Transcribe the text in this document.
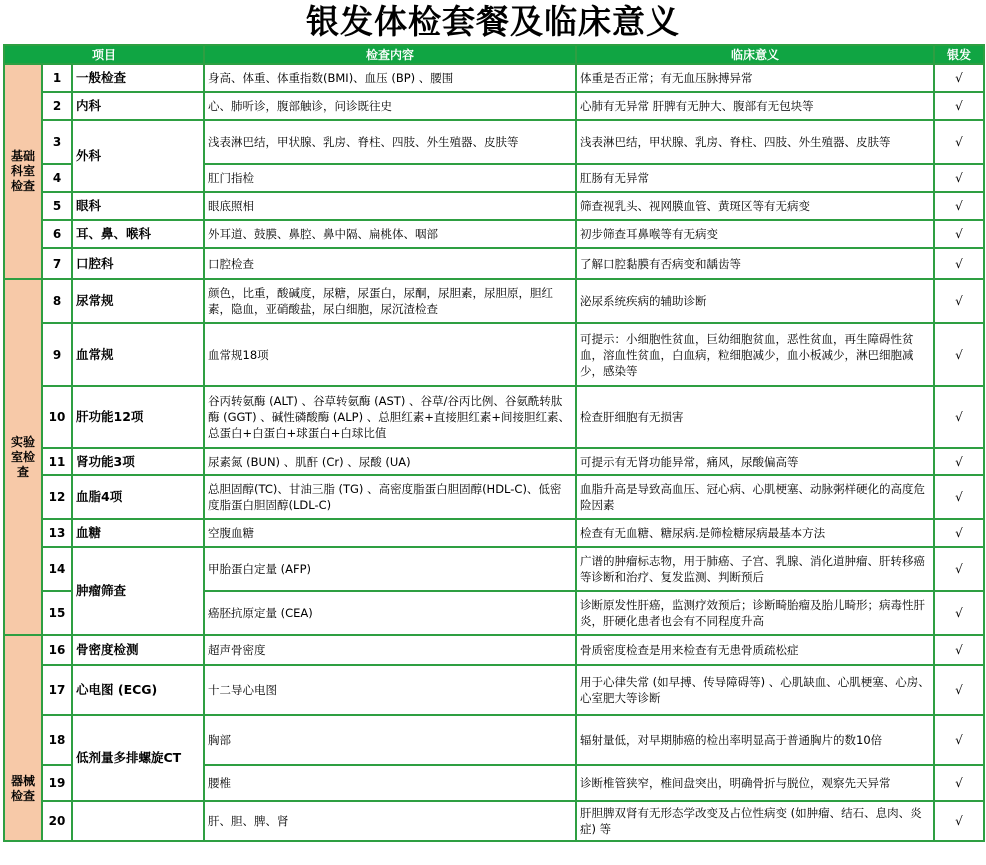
银发体检套餐及临床意义
项目			检查内容	临床意义	银发
基础科室检查	1	一般检查	身高、体重、体重指数(BMI)、血压 (BP) 、腰围	体重是否正常；有无血压脉搏异常	√
	2	内科	心、肺听诊，腹部触诊，问诊既往史	心肺有无异常 肝脾有无肿大、腹部有无包块等	√
	3	外科	浅表淋巴结，甲状腺、乳房、脊柱、四肢、外生殖器、皮肤等	浅表淋巴结，甲状腺、乳房、脊柱、四肢、外生殖器、皮肤等	√
	4		肛门指检	肛肠有无异常	√
	5	眼科	眼底照相	筛查视乳头、视网膜血管、黄斑区等有无病变	√
	6	耳、鼻、喉科	外耳道、鼓膜、鼻腔、鼻中隔、扁桃体、咽部	初步筛查耳鼻喉等有无病变	√
	7	口腔科	口腔检查	了解口腔黏膜有否病变和龋齿等	√
实验室检查	8	尿常规	颜色，比重，酸碱度，尿糖，尿蛋白，尿酮，尿胆素，尿胆原，胆红素，隐血，亚硝酸盐，尿白细胞，尿沉渣检查	泌尿系统疾病的辅助诊断	√
	9	血常规	血常规18项	可提示：小细胞性贫血，巨幼细胞贫血，恶性贫血，再生障碍性贫血，溶血性贫血，白血病，粒细胞减少，血小板减少，淋巴细胞减少，感染等	√
	10	肝功能12项	谷丙转氨酶 (ALT) 、谷草转氨酶 (AST) 、谷草/谷丙比例、谷氨酰转肽酶 (GGT) 、碱性磷酸酶 (ALP) 、总胆红素+直接胆红素+间接胆红素、总蛋白+白蛋白+球蛋白+白球比值	检查肝细胞有无损害	√
	11	肾功能3项	尿素氮 (BUN) 、肌酐 (Cr) 、尿酸 (UA)	可提示有无肾功能异常，痛风，尿酸偏高等	√
	12	血脂4项	总胆固醇(TC)、甘油三脂 (TG) 、高密度脂蛋白胆固醇(HDL-C)、低密度脂蛋白胆固醇(LDL-C)	血脂升高是导致高血压、冠心病、心肌梗塞、动脉粥样硬化的高度危险因素	√
	13	血糖	空腹血糖	检查有无血糖、糖尿病.是筛检糖尿病最基本方法	√
	14	肿瘤筛查	甲胎蛋白定量 (AFP)	广谱的肿瘤标志物，用于肺癌、子宫、乳腺、消化道肿瘤、肝转移癌等诊断和治疗、复发监测、判断预后	√
	15		癌胚抗原定量 (CEA)	诊断原发性肝癌，监测疗效预后；诊断畸胎瘤及胎儿畸形；病毒性肝炎，肝硬化患者也会有不同程度升高	√
器械检查	16	骨密度检测	超声骨密度	骨质密度检查是用来检查有无患骨质疏松症	√
	17	心电图 (ECG)	十二导心电图	用于心律失常 (如早搏、传导障碍等) 、心肌缺血、心肌梗塞、心房、心室肥大等诊断	√
	18	低剂量多排螺旋CT	胸部	辐射量低，对早期肺癌的检出率明显高于普通胸片的数10倍	√
	19		腰椎	诊断椎管狭窄，椎间盘突出，明确骨折与脱位，观察先天异常	√
	20		肝、胆、脾、肾	肝胆脾双肾有无形态学改变及占位性病变 (如肿瘤、结石、息肉、炎症) 等	√
